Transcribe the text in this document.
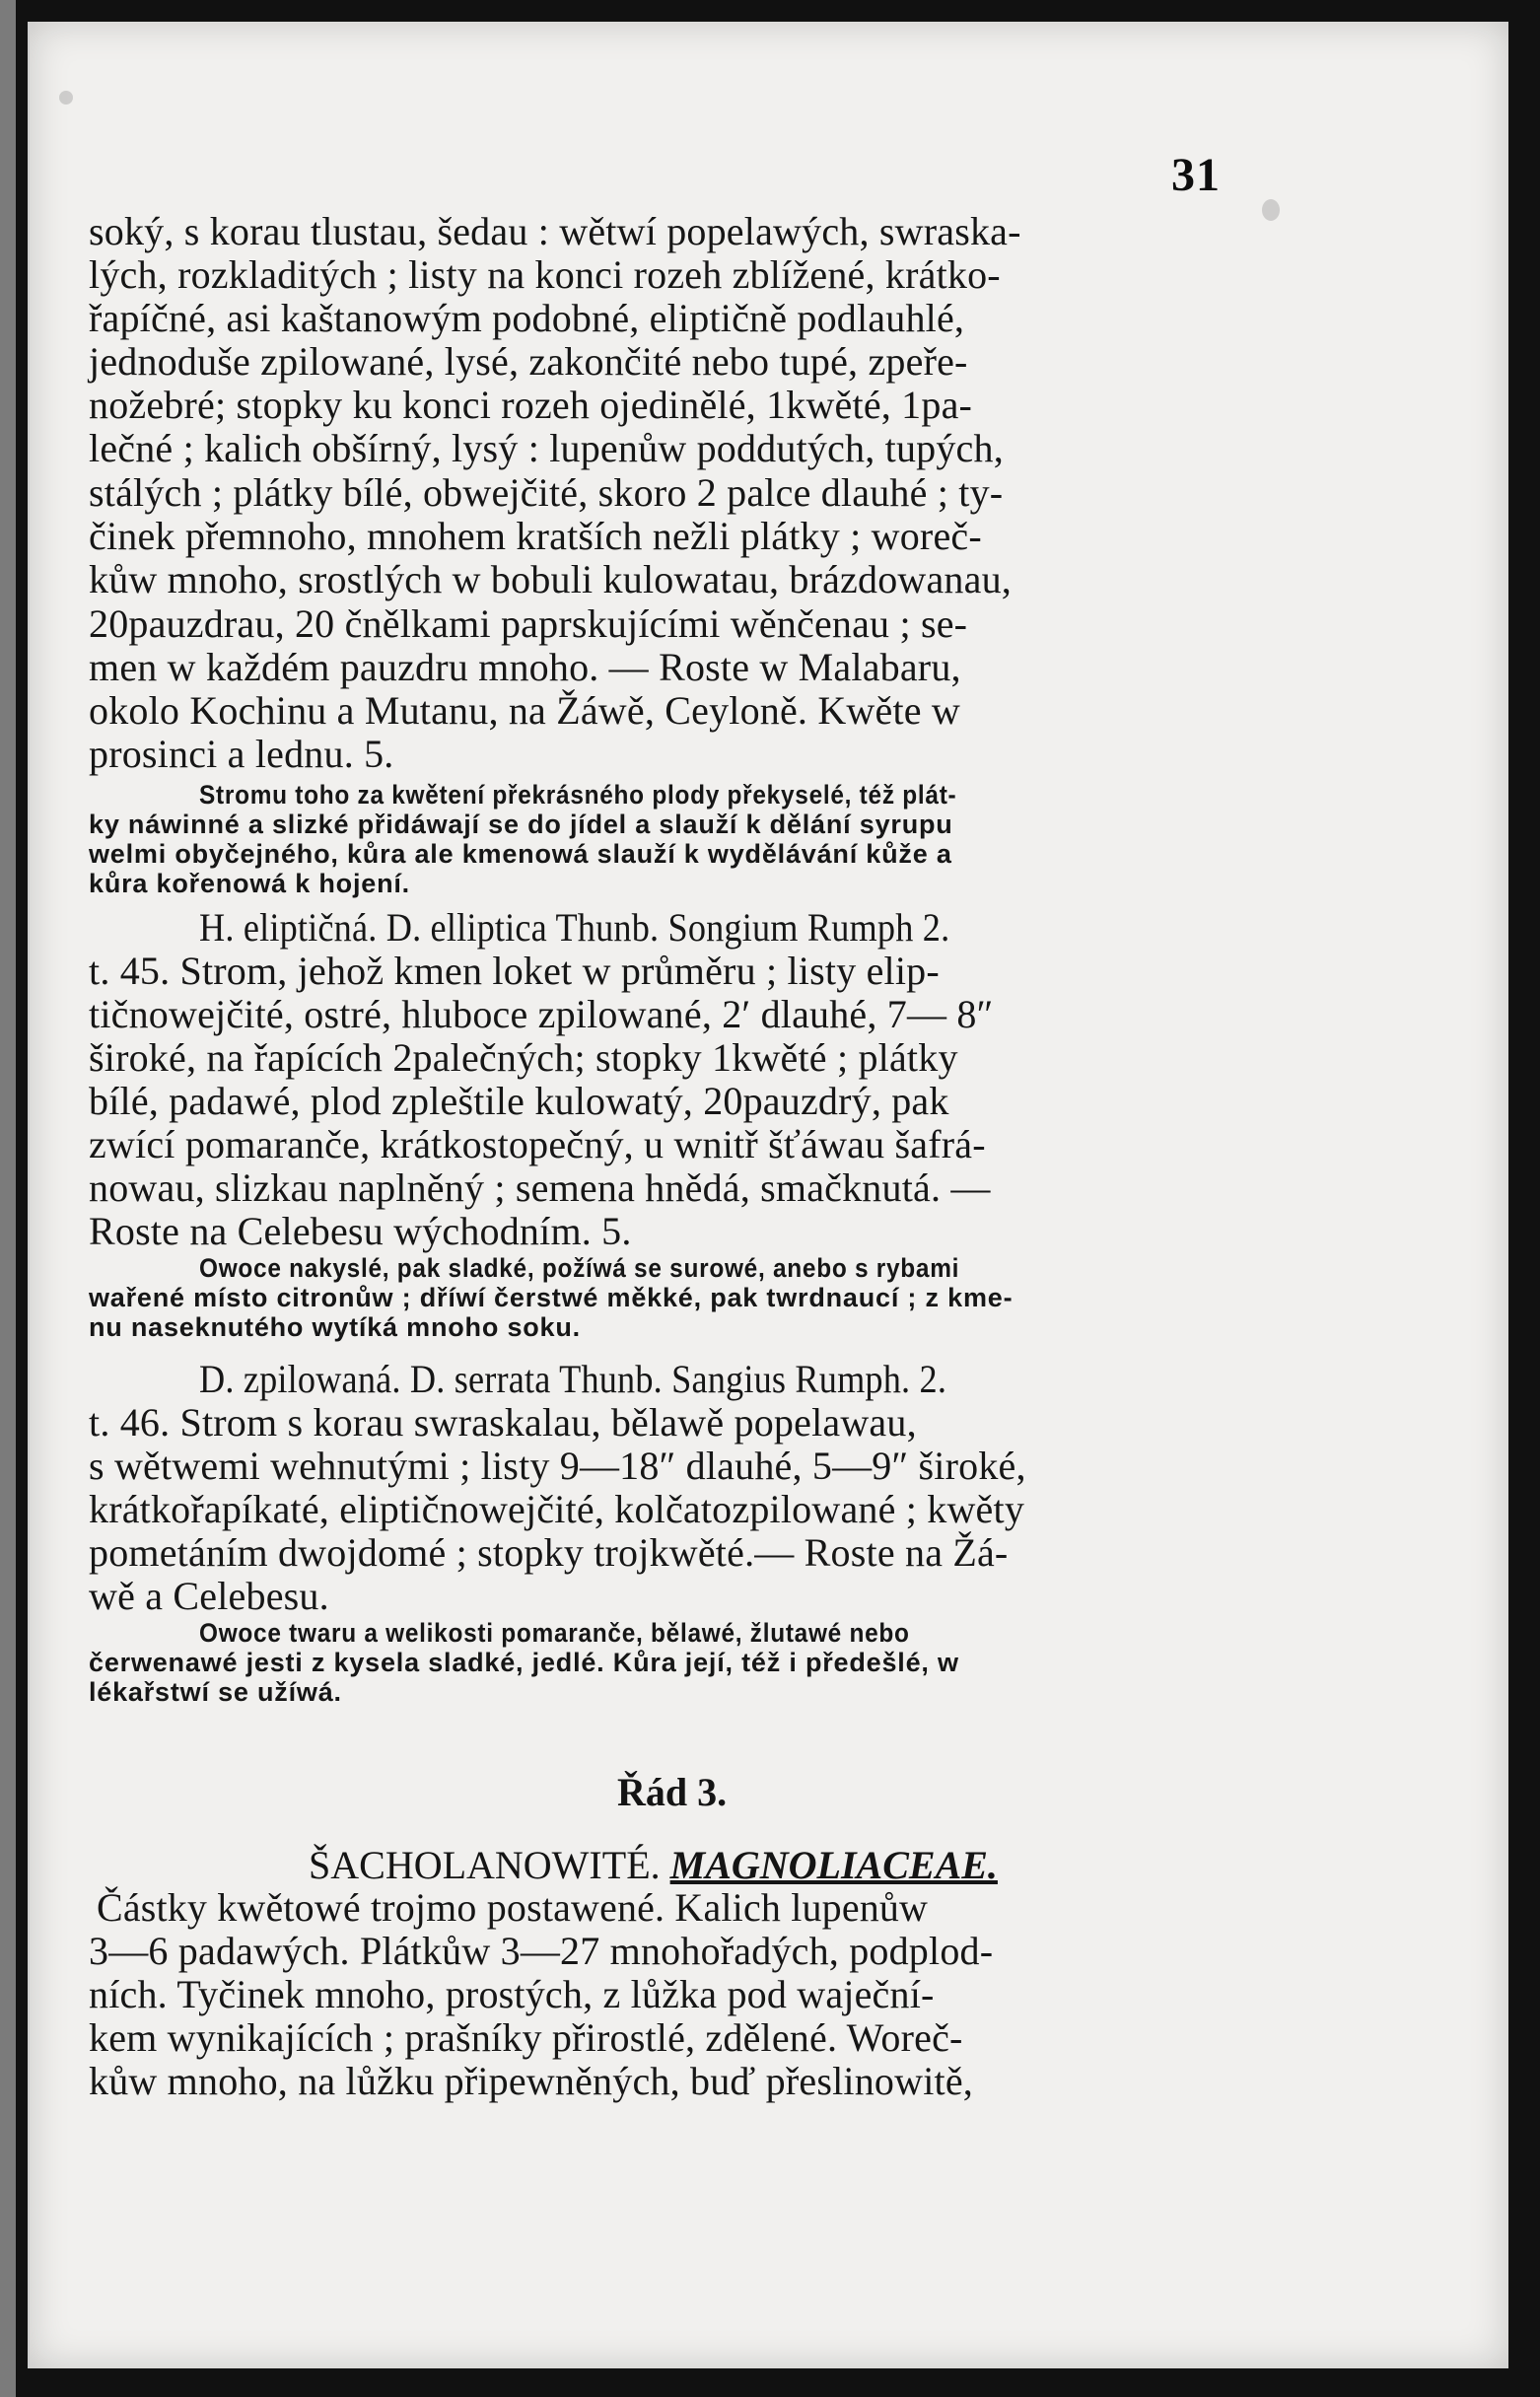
31
soký, s korau tlustau, šedau : wětwí popelawých, swraska-
lých, rozkladitých ; listy na konci rozeh zblížené, krátko-
řapíčné, asi kaštanowým podobné, eliptičně podlauhlé,
jednoduše zpilowané, lysé, zakončité nebo tupé, zpeře-
nožebré; stopky ku konci rozeh ojedinělé, 1kwěté, 1pa-
lečné ; kalich obšírný, lysý : lupenůw poddutých, tupých,
stálých ; plátky bílé, obwejčité, skoro 2 palce dlauhé ; ty-
činek přemnoho, mnohem kratších nežli plátky ; woreč-
kůw mnoho, srostlých w bobuli kulowatau, brázdowanau,
20pauzdrau, 20 čnělkami paprskujícími wěnčenau ; se-
men w každém pauzdru mnoho. — Roste w Malabaru,
okolo Kochinu a Mutanu, na Žáwě, Ceyloně. Kwěte w
prosinci a lednu. 5.
Stromu toho za kwětení překrásného plody překyselé, též plát-
ky náwinné a slizké přidáwají se do jídel a slauží k dělání syrupu
welmi obyčejného, kůra ale kmenowá slauží k wydělávání kůže a
kůra kořenowá k hojení.
H. eliptičná. D. elliptica Thunb. Songium Rumph 2.
t. 45. Strom, jehož kmen loket w průměru ; listy elip-
tičnowejčité, ostré, hluboce zpilowané, 2′ dlauhé, 7— 8″
široké, na řapících 2palečných; stopky 1kwěté ; plátky
bílé, padawé, plod zpleštile kulowatý, 20pauzdrý, pak
zwící pomaranče, krátkostopečný, u wnitř šťáwau šafrá-
nowau, slizkau naplněný ; semena hnědá, smačknutá. —
Roste na Celebesu wýchodním. 5.
Owoce nakyslé, pak sladké, požíwá se surowé, anebo s rybami
wařené místo citronůw ; dříwí čerstwé měkké, pak twrdnaucí ; z kme-
nu naseknutého wytíká mnoho soku.
D. zpilowaná. D. serrata Thunb. Sangius Rumph. 2.
t. 46. Strom s korau swraskalau, bělawě popelawau,
s wětwemi wehnutými ; listy 9—18″ dlauhé, 5—9″ široké,
krátkořapíkaté, eliptičnowejčité, kolčatozpilowané ; kwěty
pometáním dwojdomé ; stopky trojkwěté.— Roste na Žá-
wě a Celebesu.
Owoce twaru a welikosti pomaranče, bělawé, žlutawé nebo
čerwenawé jesti z kysela sladké, jedlé. Kůra její, též i předešlé, w
lékařstwí se užíwá.
Částky kwětowé trojmo postawené. Kalich lupenůw
3—6 padawých. Plátkůw 3—27 mnohořadých, podplod-
ních. Tyčinek mnoho, prostých, z lůžka pod waječní-
kem wynikajících ; prašníky přirostlé, zdělené. Woreč-
kůw mnoho, na lůžku připewněných, buď přeslinowitě,
Řád 3.
ŠACHOLANOWITÉ. MAGNOLIACEAE.
